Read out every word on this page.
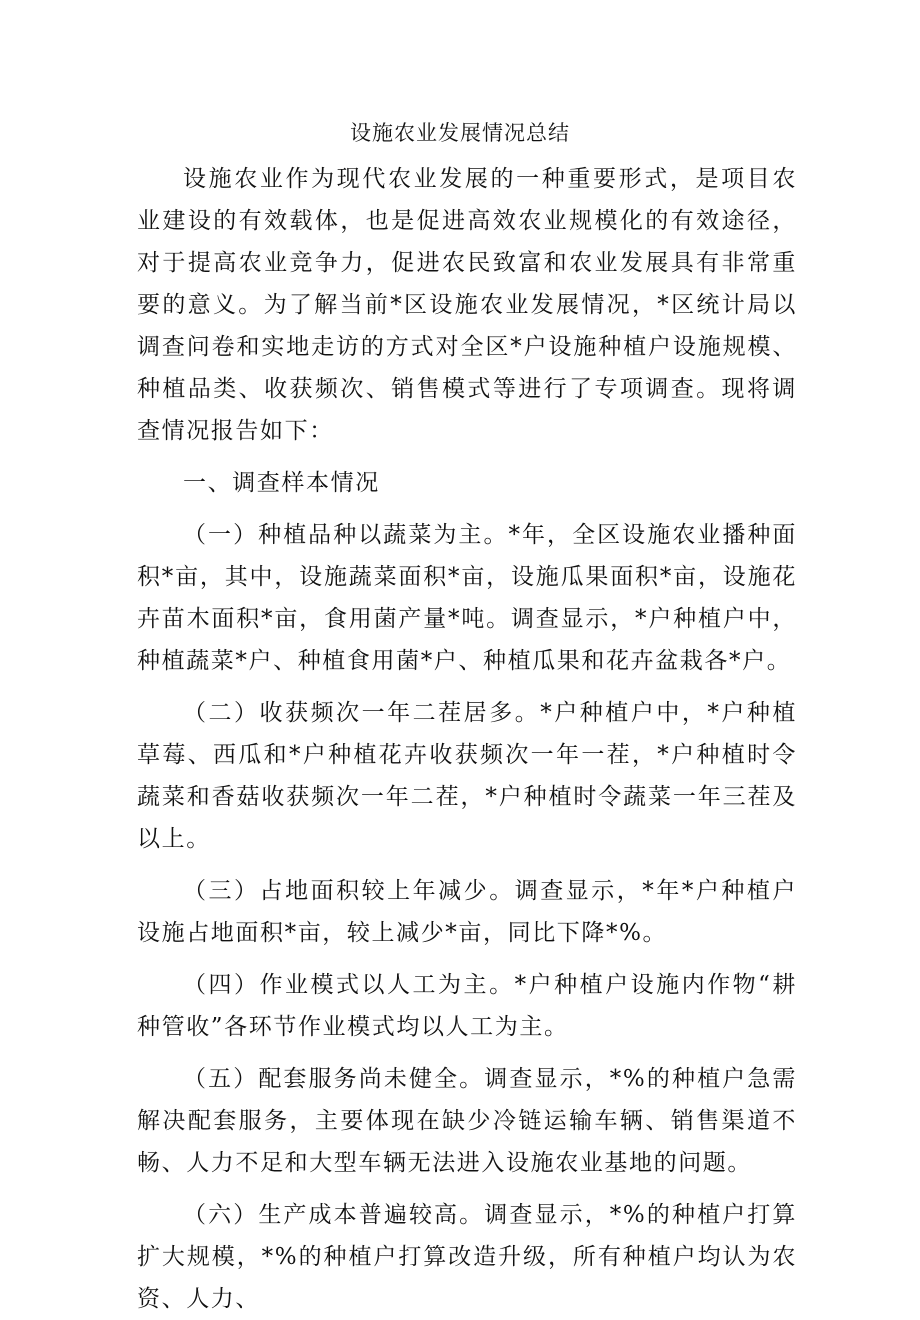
设施农业发展情况总结

设施农业作为现代农业发展的一种重要形式，是项目农业建设的有效载体，也是促进高效农业规模化的有效途径，对于提高农业竞争力，促进农民致富和农业发展具有非常重要的意义。为了解当前*区设施农业发展情况，*区统计局以调查问卷和实地走访的方式对全区*户设施种植户设施规模、种植品类、收获频次、销售模式等进行了专项调查。现将调查情况报告如下：

一、调查样本情况

（一）种植品种以蔬菜为主。*年，全区设施农业播种面积*亩，其中，设施蔬菜面积*亩，设施瓜果面积*亩，设施花卉苗木面积*亩，食用菌产量*吨。调查显示，*户种植户中，种植蔬菜*户、种植食用菌*户、种植瓜果和花卉盆栽各*户。

（二）收获频次一年二茬居多。*户种植户中，*户种植草莓、西瓜和*户种植花卉收获频次一年一茬，*户种植时令蔬菜和香菇收获频次一年二茬，*户种植时令蔬菜一年三茬及以上。

（三）占地面积较上年减少。调查显示，*年*户种植户设施占地面积*亩，较上减少*亩，同比下降*%。

（四）作业模式以人工为主。*户种植户设施内作物“耕种管收”各环节作业模式均以人工为主。

（五）配套服务尚未健全。调查显示，*%的种植户急需解决配套服务，主要体现在缺少冷链运输车辆、销售渠道不畅、人力不足和大型车辆无法进入设施农业基地的问题。

（六）生产成本普遍较高。调查显示，*%的种植户打算扩大规模，*%的种植户打算改造升级，所有种植户均认为农资、人力、
